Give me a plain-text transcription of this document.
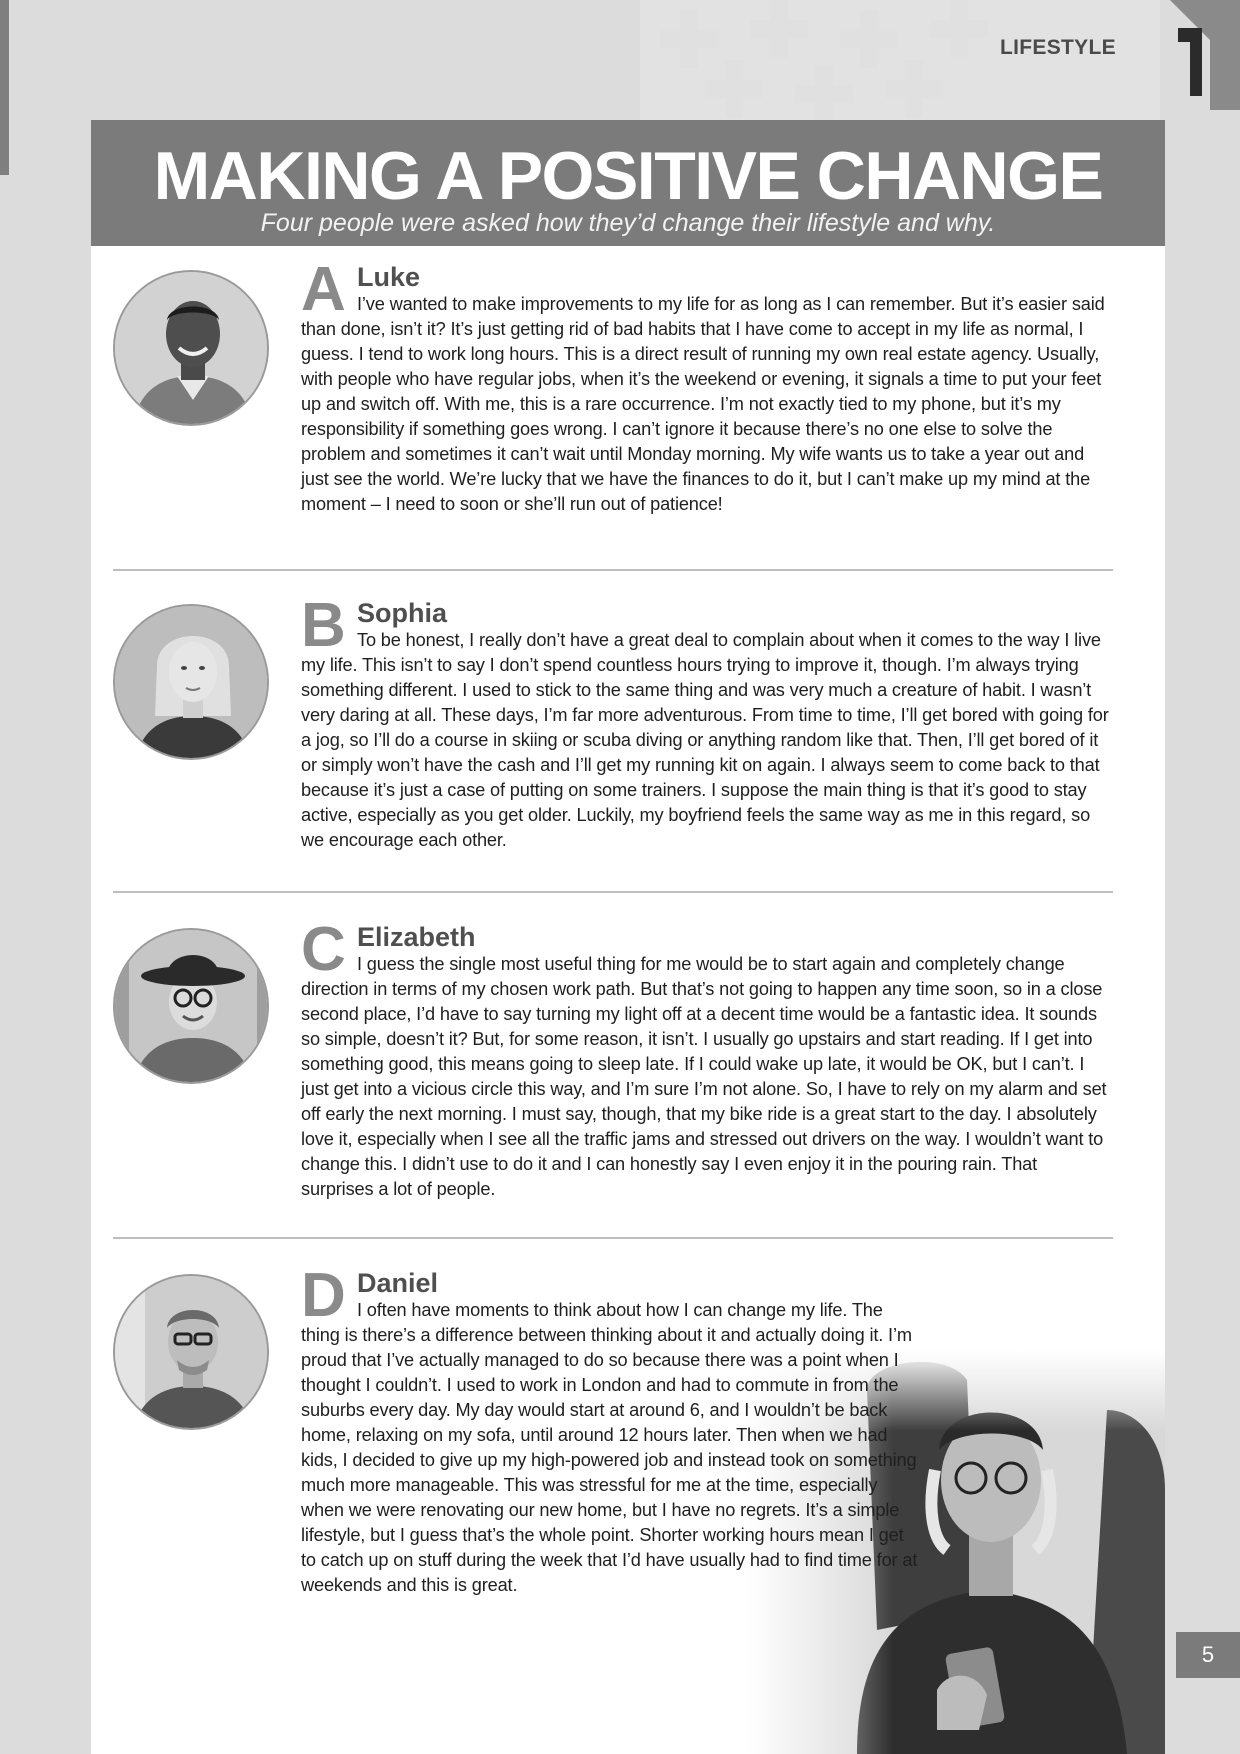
LIFESTYLE
MAKING A POSITIVE CHANGE
Four people were asked how they’d change their lifestyle and why.
A Luke
I’ve wanted to make improvements to my life for as long as I can remember. But it’s easier said than done, isn’t it? It’s just getting rid of bad habits that I have come to accept in my life as normal, I guess. I tend to work long hours. This is a direct result of running my own real estate agency. Usually, with people who have regular jobs, when it’s the weekend or evening, it signals a time to put your feet up and switch off. With me, this is a rare occurrence. I’m not exactly tied to my phone, but it’s my responsibility if something goes wrong. I can’t ignore it because there’s no one else to solve the problem and sometimes it can’t wait until Monday morning. My wife wants us to take a year out and just see the world. We’re lucky that we have the finances to do it, but I can’t make up my mind at the moment – I need to soon or she’ll run out of patience!
B Sophia
To be honest, I really don’t have a great deal to complain about when it comes to the way I live my life. This isn’t to say I don’t spend countless hours trying to improve it, though. I’m always trying something different. I used to stick to the same thing and was very much a creature of habit. I wasn’t very daring at all. These days, I’m far more adventurous. From time to time, I’ll get bored with going for a jog, so I’ll do a course in skiing or scuba diving or anything random like that. Then, I’ll get bored of it or simply won’t have the cash and I’ll get my running kit on again. I always seem to come back to that because it’s just a case of putting on some trainers. I suppose the main thing is that it’s good to stay active, especially as you get older. Luckily, my boyfriend feels the same way as me in this regard, so we encourage each other.
C Elizabeth
I guess the single most useful thing for me would be to start again and completely change direction in terms of my chosen work path. But that’s not going to happen any time soon, so in a close second place, I’d have to say turning my light off at a decent time would be a fantastic idea. It sounds so simple, doesn’t it? But, for some reason, it isn’t. I usually go upstairs and start reading. If I get into something good, this means going to sleep late. If I could wake up late, it would be OK, but I can’t. I just get into a vicious circle this way, and I’m sure I’m not alone. So, I have to rely on my alarm and set off early the next morning. I must say, though, that my bike ride is a great start to the day. I absolutely love it, especially when I see all the traffic jams and stressed out drivers on the way. I wouldn’t want to change this. I didn’t use to do it and I can honestly say I even enjoy it in the pouring rain. That surprises a lot of people.
D Daniel
I often have moments to think about how I can change my life. The thing is there’s a difference between thinking about it and actually doing it. I’m proud that I’ve actually managed to do so because there was a point when I thought I couldn’t. I used to work in London and had to commute in from the suburbs every day. My day would start at around 6, and I wouldn’t be back home, relaxing on my sofa, until around 12 hours later. Then when we had kids, I decided to give up my high-powered job and instead took on something much more manageable. This was stressful for me at the time, especially when we were renovating our new home, but I have no regrets. It’s a simple lifestyle, but I guess that’s the whole point. Shorter working hours mean I get to catch up on stuff during the week that I’d have usually had to find time for at weekends and this is great.
5
